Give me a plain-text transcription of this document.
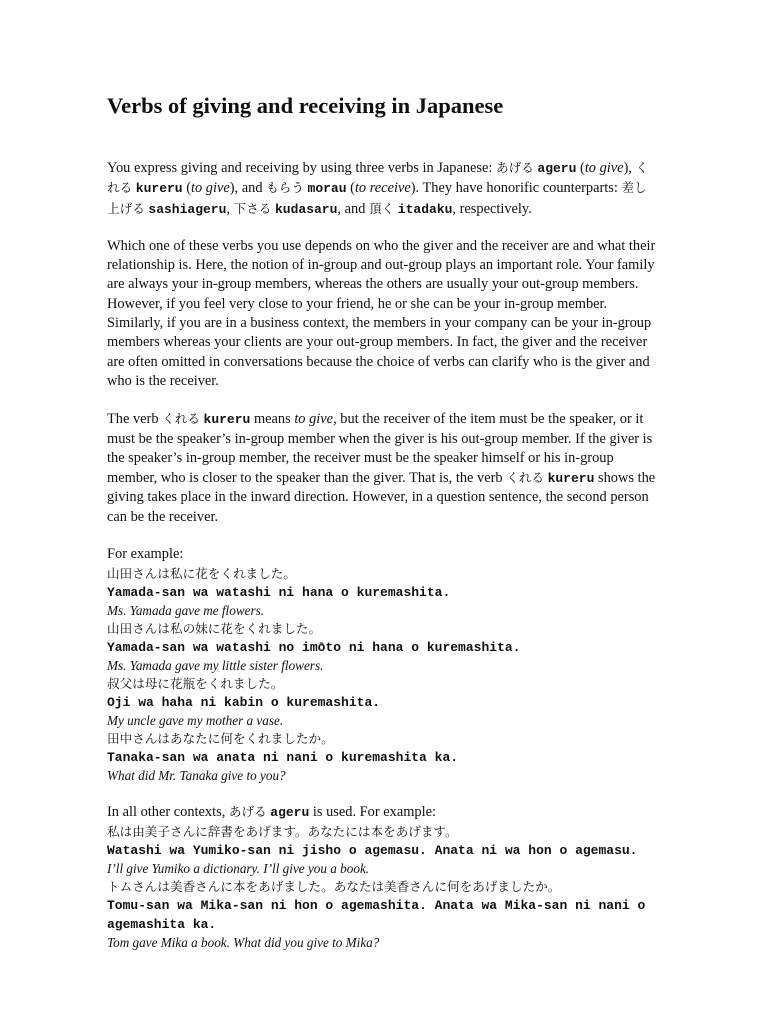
Verbs of giving and receiving in Japanese

You express giving and receiving by using three verbs in Japanese: あげる ageru (to give), くれる kureru (to give), and もらう morau (to receive). They have honorific counterparts: 差し上げる sashiageru, 下さる kudasaru, and 頂く itadaku, respectively.

Which one of these verbs you use depends on who the giver and the receiver are and what their relationship is. Here, the notion of in-group and out-group plays an important role. Your family are always your in-group members, whereas the others are usually your out-group members. However, if you feel very close to your friend, he or she can be your in-group member. Similarly, if you are in a business context, the members in your company can be your in-group members whereas your clients are your out-group members. In fact, the giver and the receiver are often omitted in conversations because the choice of verbs can clarify who is the giver and who is the receiver.

The verb くれる kureru means to give, but the receiver of the item must be the speaker, or it must be the speaker’s in-group member when the giver is his out-group member. If the giver is the speaker’s in-group member, the receiver must be the speaker himself or his in-group member, who is closer to the speaker than the giver. That is, the verb くれる kureru shows the giving takes place in the inward direction. However, in a question sentence, the second person can be the receiver.

For example:
山田さんは私に花をくれました。
Yamada-san wa watashi ni hana o kuremashita.
Ms. Yamada gave me flowers.
山田さんは私の妹に花をくれました。
Yamada-san wa watashi no imōto ni hana o kuremashita.
Ms. Yamada gave my little sister flowers.
叔父は母に花瓶をくれました。
Oji wa haha ni kabin o kuremashita.
My uncle gave my mother a vase.
田中さんはあなたに何をくれましたか。
Tanaka-san wa anata ni nani o kuremashita ka.
What did Mr. Tanaka give to you?
In all other contexts, あげる ageru is used. For example:
私は由美子さんに辞書をあげます。あなたには本をあげます。
Watashi wa Yumiko-san ni jisho o agemasu. Anata ni wa hon o agemasu.
I’ll give Yumiko a dictionary. I’ll give you a book.
トムさんは美香さんに本をあげました。あなたは美香さんに何をあげましたか。
Tomu-san wa Mika-san ni hon o agemashita. Anata wa Mika-san ni nani o agemashita ka.
Tom gave Mika a book. What did you give to Mika?
